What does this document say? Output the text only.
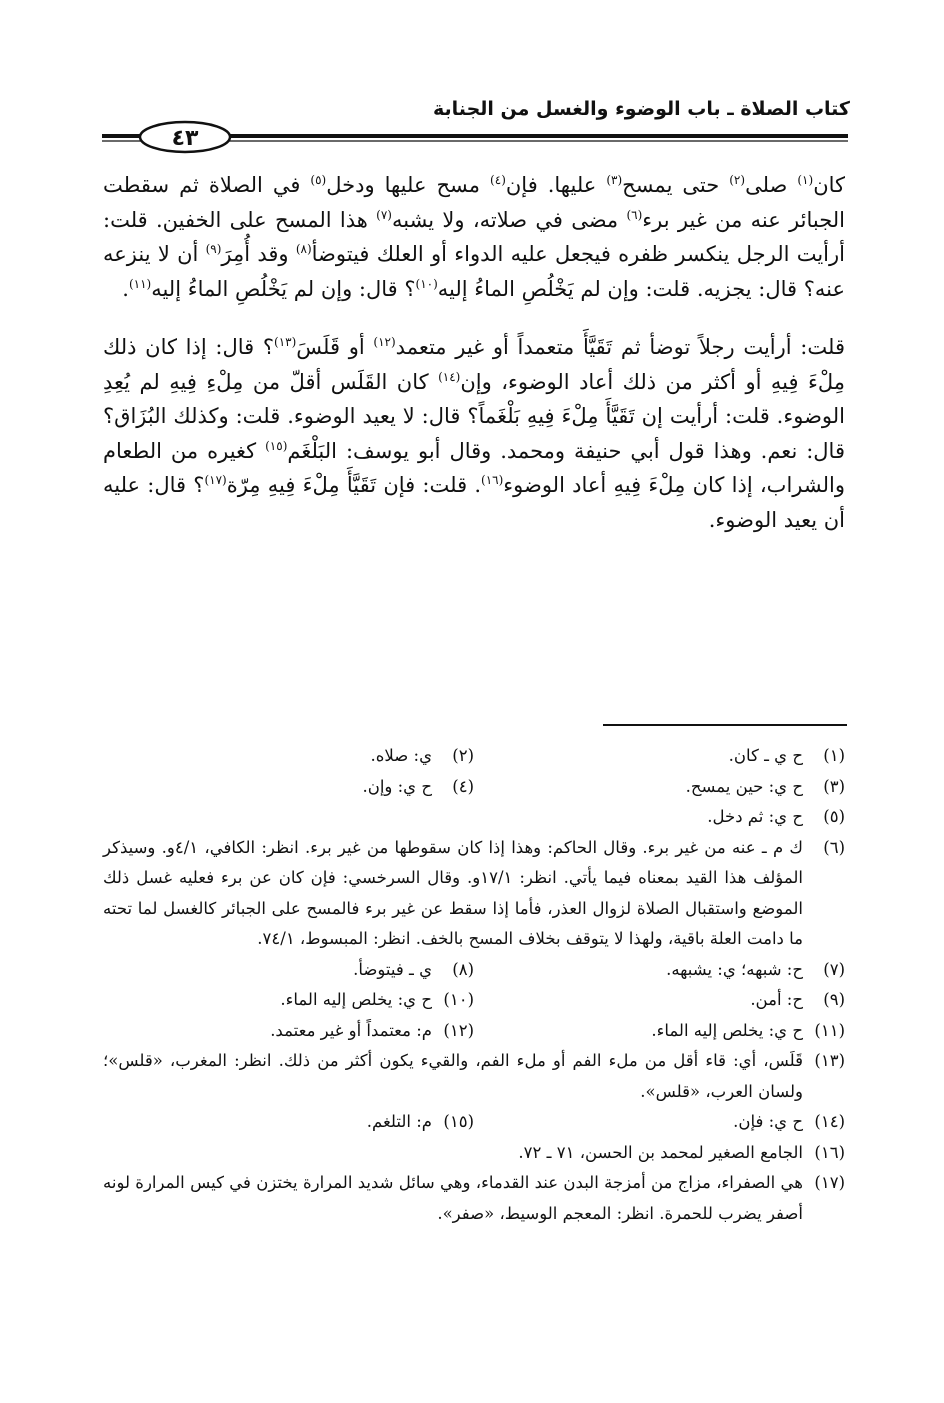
كتاب الصلاة ـ باب الوضوء والغسل من الجنابة
٤٣

كان$^{(١)}$ صلى$^{(٢)}$ حتى يمسح$^{(٣)}$ عليها. فإن$^{(٤)}$ مسح عليها ودخل$^{(٥)}$ في الصلاة ثم سقطت الجبائر عنه من غير برء$^{(٦)}$ مضى في صلاته، ولا يشبه$^{(٧)}$ هذا المسح على الخفين. قلت: أرأيت الرجل ينكسر ظفره فيجعل عليه الدواء أو العلك فيتوضأ$^{(٨)}$ وقد أُمِرَ$^{(٩)}$ أن لا ينزعه عنه؟ قال: يجزيه. قلت: وإن لم يَخْلُصِ الماءُ إليه$^{(١٠)}$؟ قال: وإن لم يَخْلُصِ الماءُ إليه$^{(١١)}$.

قلت: أرأيت رجلاً توضأ ثم تَقَيَّأَ متعمداً أو غير متعمد$^{(١٢)}$ أو قَلَسَ$^{(١٣)}$؟ قال: إذا كان ذلك مِلْءَ فِيهِ أو أكثر من ذلك أعاد الوضوء، وإن$^{(١٤)}$ كان القَلَس أقلّ من مِلْءِ فِيهِ لم يُعِدِ الوضوء. قلت: أرأيت إن تَقَيَّأَ مِلْءَ فِيهِ بَلْغَماً؟ قال: لا يعيد الوضوء. قلت: وكذلك البُزَاق؟ قال: نعم. وهذا قول أبي حنيفة ومحمد. وقال أبو يوسف: البَلْغَم$^{(١٥)}$ كغيره من الطعام والشراب، إذا كان مِلْءَ فِيهِ أعاد الوضوء$^{(١٦)}$. قلت: فإن تَقَيَّأَ مِلْءَ فِيهِ مِرّة$^{(١٧)}$؟ قال: عليه أن يعيد الوضوء.

(١)
ح ي ـ كان.
(٢)
ي: صلاه.
(٣)
ح ي: حين يمسح.
(٤)
ح ي: وإن.
(٥)
ح ي: ثم دخل.
(٦)
ك م ـ عنه من غير برء. وقال الحاكم: وهذا إذا كان سقوطها من غير برء. انظر: الكافي، ٤/١و. وسيذكر المؤلف هذا القيد بمعناه فيما يأتي. انظر: ١٧/١و. وقال السرخسي: فإن كان عن برء فعليه غسل ذلك الموضع واستقبال الصلاة لزوال العذر، فأما إذا سقط عن غير برء فالمسح على الجبائر كالغسل لما تحته ما دامت العلة باقية، ولهذا لا يتوقف بخلاف المسح بالخف. انظر: المبسوط، ٧٤/١.
(٧)
ح: شبهه؛ ي: يشبهه.
(٨)
ي ـ فيتوضأ.
(٩)
ح: أمن.
(١٠)
ح ي: يخلص إليه الماء.
(١١)
ح ي: يخلص إليه الماء.
(١٢)
م: معتمداً أو غير معتمد.
(١٣)
قَلَس، أي: قاء أقل من ملء الفم أو ملء الفم، والقيء يكون أكثر من ذلك. انظر: المغرب، «قلس»؛ ولسان العرب، «قلس».
(١٤)
ح ي: فإن.
(١٥)
م: التلغم.
(١٦)
الجامع الصغير لمحمد بن الحسن، ٧١ ـ ٧٢.
(١٧)
هي الصفراء، مزاج من أمزجة البدن عند القدماء، وهي سائل شديد المرارة يختزن في كيس المرارة لونه أصفر يضرب للحمرة. انظر: المعجم الوسيط، «صفر».
